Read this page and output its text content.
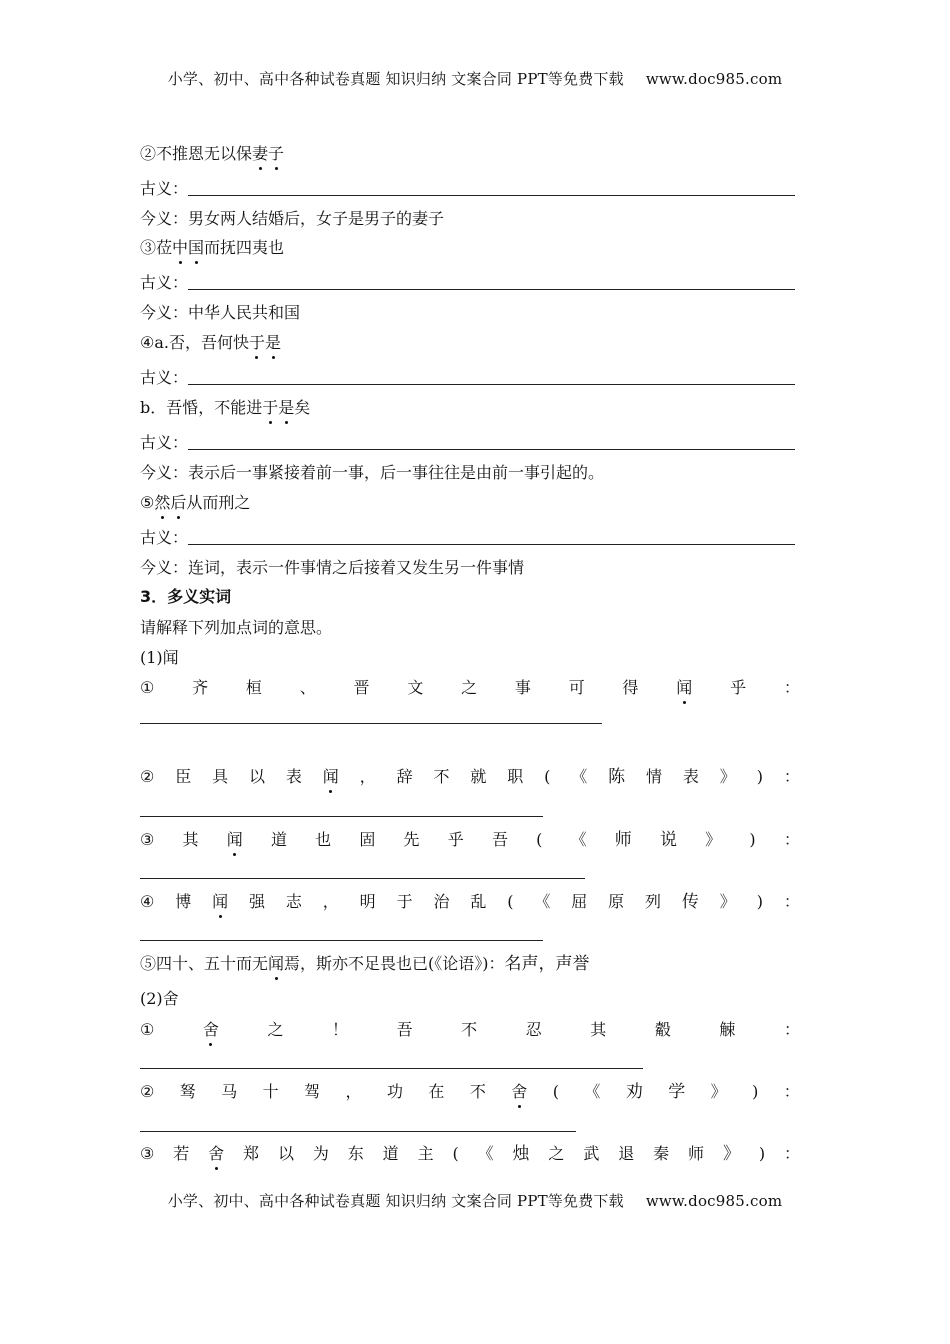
小学、初中、高中各种试卷真题 知识归纳 文案合同 PPT等免费下载 www.doc985.com
②不推恩无以保妻子
古义：
今义：男女两人结婚后，女子是男子的妻子
③莅中国而抚四夷也
古义：
今义：中华人民共和国
④a.否，吾何快于是
古义：
b．吾惛，不能进于是矣
古义：
今义：表示后一事紧接着前一事，后一事往往是由前一事引起的。
⑤然后从而刑之
古义：
今义：连词，表示一件事情之后接着又发生另一件事情
3．多义实词
请解释下列加点词的意思。
(1)闻
① 齐 桓 、 晋 文 之 事 可 得 闻 乎 ：
② 臣 具 以 表 闻 ， 辞 不 就 职 ( 《 陈 情 表 》 ) ：
③ 其 闻 道 也 固 先 乎 吾 ( 《 师 说 》 ) ：
④ 博 闻 强 志 ， 明 于 治 乱 ( 《 屈 原 列 传 》 ) ：
⑤四十、五十而无闻焉，斯亦不足畏也已(《论语》)：名声，声誉
(2)舍
①	舍	之	！	吾	不	忍	其	觳	觫	：
② 驽 马 十 驾 ， 功 在 不 舍 ( 《 劝 学 》 ) ：
③ 若 舍 郑 以 为 东 道 主 ( 《 烛 之 武 退 秦 师 》 ) ：
小学、初中、高中各种试卷真题 知识归纳 文案合同 PPT等免费下载 www.doc985.com
